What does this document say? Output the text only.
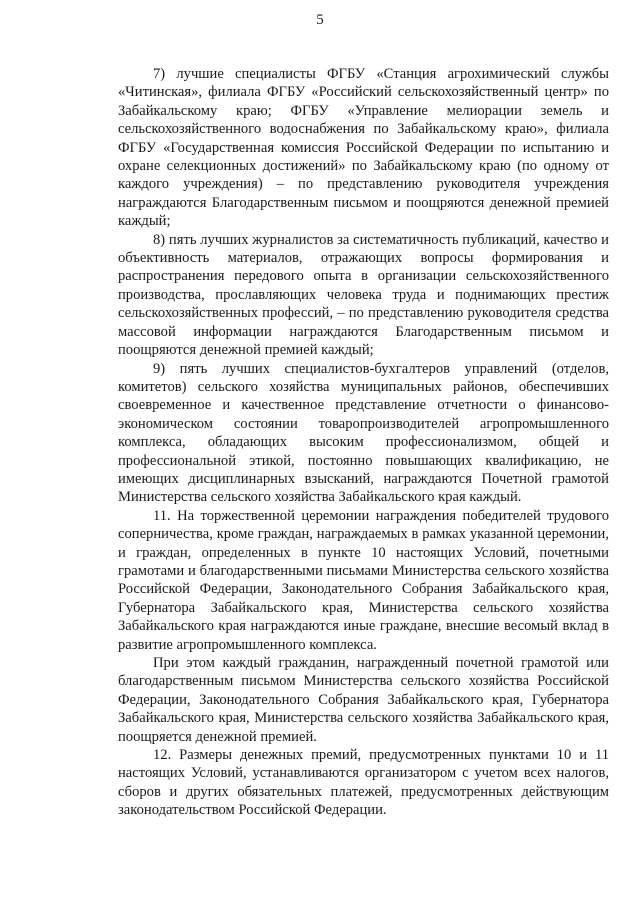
5

7) лучшие специалисты ФГБУ «Станция агрохимический службы «Читинская», филиала ФГБУ «Российский сельскохозяйственный центр» по Забайкальскому краю; ФГБУ «Управление мелиорации земель и сельскохозяйственного водоснабжения по Забайкальскому краю», филиала ФГБУ «Государственная комиссия Российской Федерации по испытанию и охране селекционных достижений» по Забайкальскому краю (по одному от каждого учреждения) – по представлению руководителя учреждения награждаются Благодарственным письмом и поощряются денежной премией каждый;

8) пять лучших журналистов за систематичность публикаций, качество и объективность материалов, отражающих вопросы формирования и распространения передового опыта в организации сельскохозяйственного производства, прославляющих человека труда и поднимающих престиж сельскохозяйственных профессий, – по представлению руководителя средства массовой информации награждаются Благодарственным письмом и поощряются денежной премией каждый;

9) пять лучших специалистов-бухгалтеров управлений (отделов, комитетов) сельского хозяйства муниципальных районов, обеспечивших своевременное и качественное представление отчетности о финансово-экономическом состоянии товаропроизводителей агропромышленного комплекса, обладающих высоким профессионализмом, общей и профессиональной этикой, постоянно повышающих квалификацию, не имеющих дисциплинарных взысканий, награждаются Почетной грамотой Министерства сельского хозяйства Забайкальского края каждый.

11. На торжественной церемонии награждения победителей трудового соперничества, кроме граждан, награждаемых в рамках указанной церемонии, и граждан, определенных в пункте 10 настоящих Условий, почетными грамотами и благодарственными письмами Министерства сельского хозяйства Российской Федерации, Законодательного Собрания Забайкальского края, Губернатора Забайкальского края, Министерства сельского хозяйства Забайкальского края награждаются иные граждане, внесшие весомый вклад в развитие агропромышленного комплекса.

При этом каждый гражданин, награжденный почетной грамотой или благодарственным письмом Министерства сельского хозяйства Российской Федерации, Законодательного Собрания Забайкальского края, Губернатора Забайкальского края, Министерства сельского хозяйства Забайкальского края, поощряется денежной премией.

12. Размеры денежных премий, предусмотренных пунктами 10 и 11 настоящих Условий, устанавливаются организатором с учетом всех налогов, сборов и других обязательных платежей, предусмотренных действующим законодательством Российской Федерации.
